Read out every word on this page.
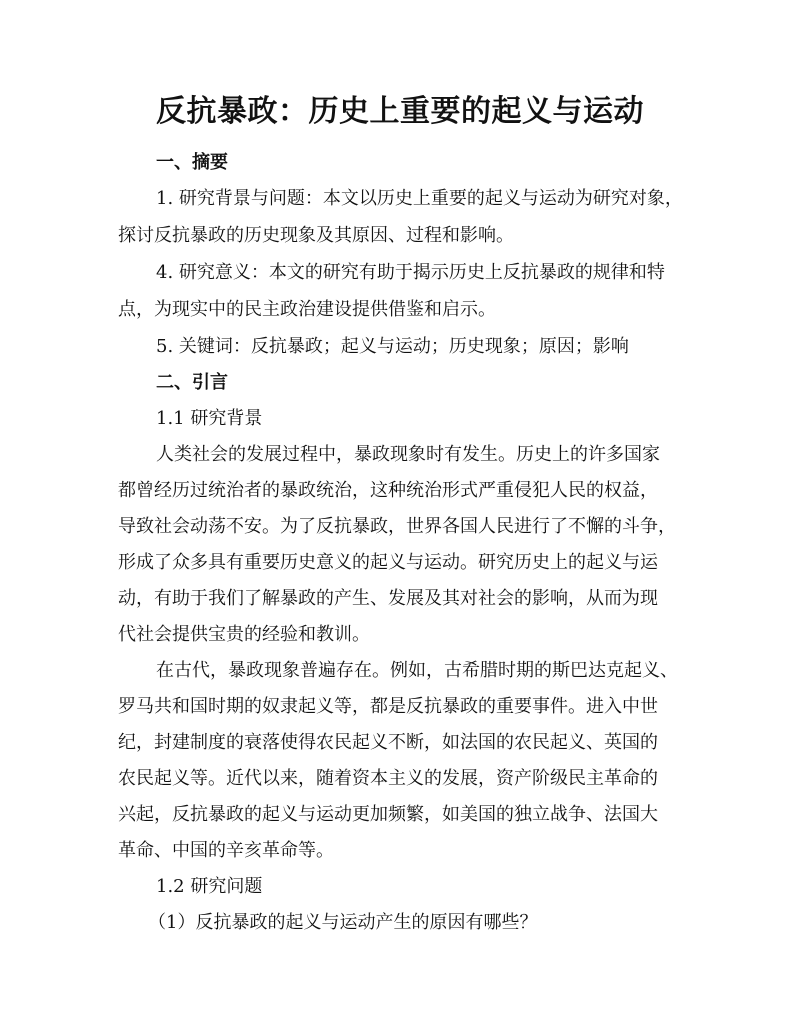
反抗暴政：历史上重要的起义与运动
一、摘要
1. 研究背景与问题：本文以历史上重要的起义与运动为研究对象，
探讨反抗暴政的历史现象及其原因、过程和影响。
4. 研究意义：本文的研究有助于揭示历史上反抗暴政的规律和特
点，为现实中的民主政治建设提供借鉴和启示。
5. 关键词：反抗暴政；起义与运动；历史现象；原因；影响
二、引言
1.1 研究背景
人类社会的发展过程中，暴政现象时有发生。历史上的许多国家
都曾经历过统治者的暴政统治，这种统治形式严重侵犯人民的权益，
导致社会动荡不安。为了反抗暴政，世界各国人民进行了不懈的斗争，
形成了众多具有重要历史意义的起义与运动。研究历史上的起义与运
动，有助于我们了解暴政的产生、发展及其对社会的影响，从而为现
代社会提供宝贵的经验和教训。
在古代，暴政现象普遍存在。例如，古希腊时期的斯巴达克起义、
罗马共和国时期的奴隶起义等，都是反抗暴政的重要事件。进入中世
纪，封建制度的衰落使得农民起义不断，如法国的农民起义、英国的
农民起义等。近代以来，随着资本主义的发展，资产阶级民主革命的
兴起，反抗暴政的起义与运动更加频繁，如美国的独立战争、法国大
革命、中国的辛亥革命等。
1.2 研究问题
（1）反抗暴政的起义与运动产生的原因有哪些？
